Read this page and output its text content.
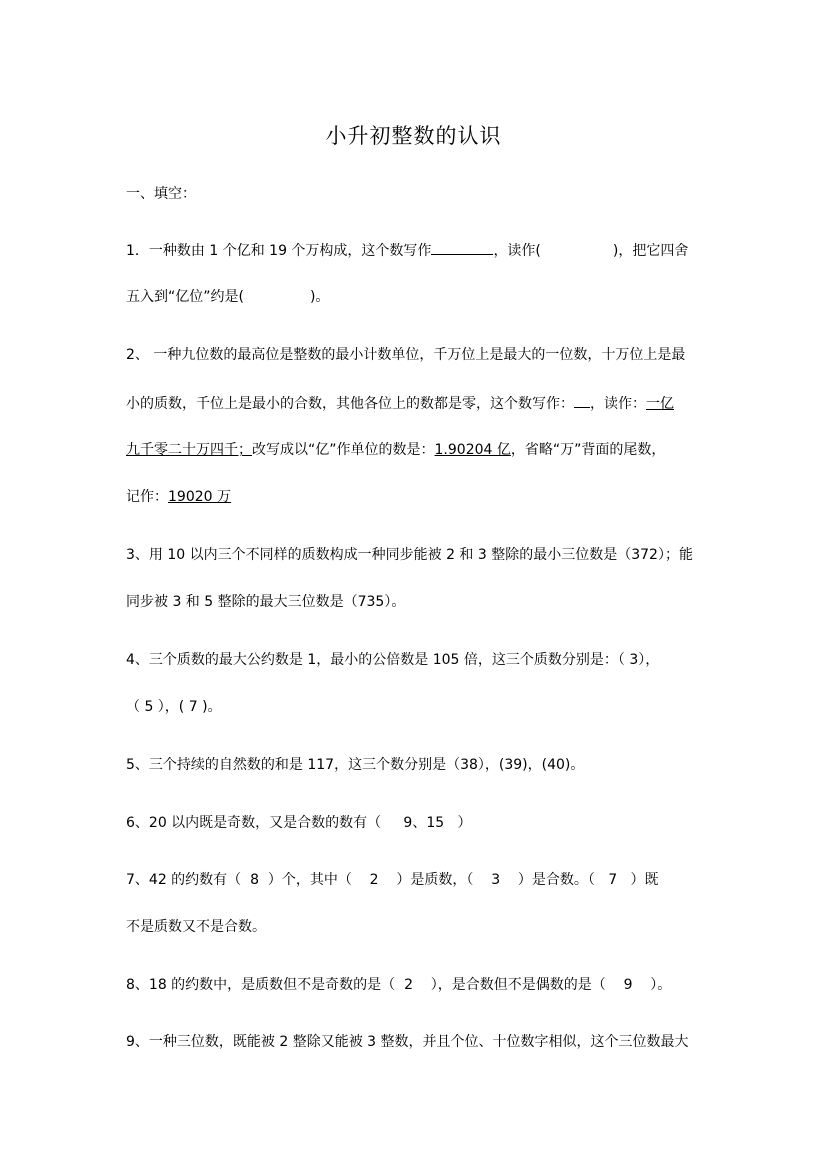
小升初整数的认识
一、填空：
1．一种数由 1 个亿和 19 个万构成，这个数写作	，读作(	)，把它四舍
五入到“亿位”约是(	)。
2、 一种九位数的最高位是整数的最小计数单位，千万位上是最大的一位数，十万位上是最
小的质数，千位上是最小的合数，其他各位上的数都是零，这个数写作： ，读作：一亿
九千零二十万四千；改写成以“亿”作单位的数是：1.90204 亿，省略“万”背面的尾数，
记作：19020 万
3、用 10 以内三个不同样的质数构成一种同步能被 2 和 3 整除的最小三位数是（372）；能
同步被 3 和 5 整除的最大三位数是（735）。
4、三个质数的最大公约数是 1，最小的公倍数是 105 倍，这三个质数分别是：（ 3），
（ 5 ），( 7 )。
5、三个持续的自然数的和是 117，这三个数分别是（38），(39)，(40)。
6、20 以内既是奇数，又是合数的数有（     9、15   ）
7、42 的约数有（  8  ）个，其中（    2    ）是质数，（    3    ）是合数。（   7   ）既
不是质数又不是合数。
8、18 的约数中，是质数但不是奇数的是（  2    ），是合数但不是偶数的是（    9    ）。
9、一种三位数，既能被 2 整除又能被 3 整数，并且个位、十位数字相似，这个三位数最大
